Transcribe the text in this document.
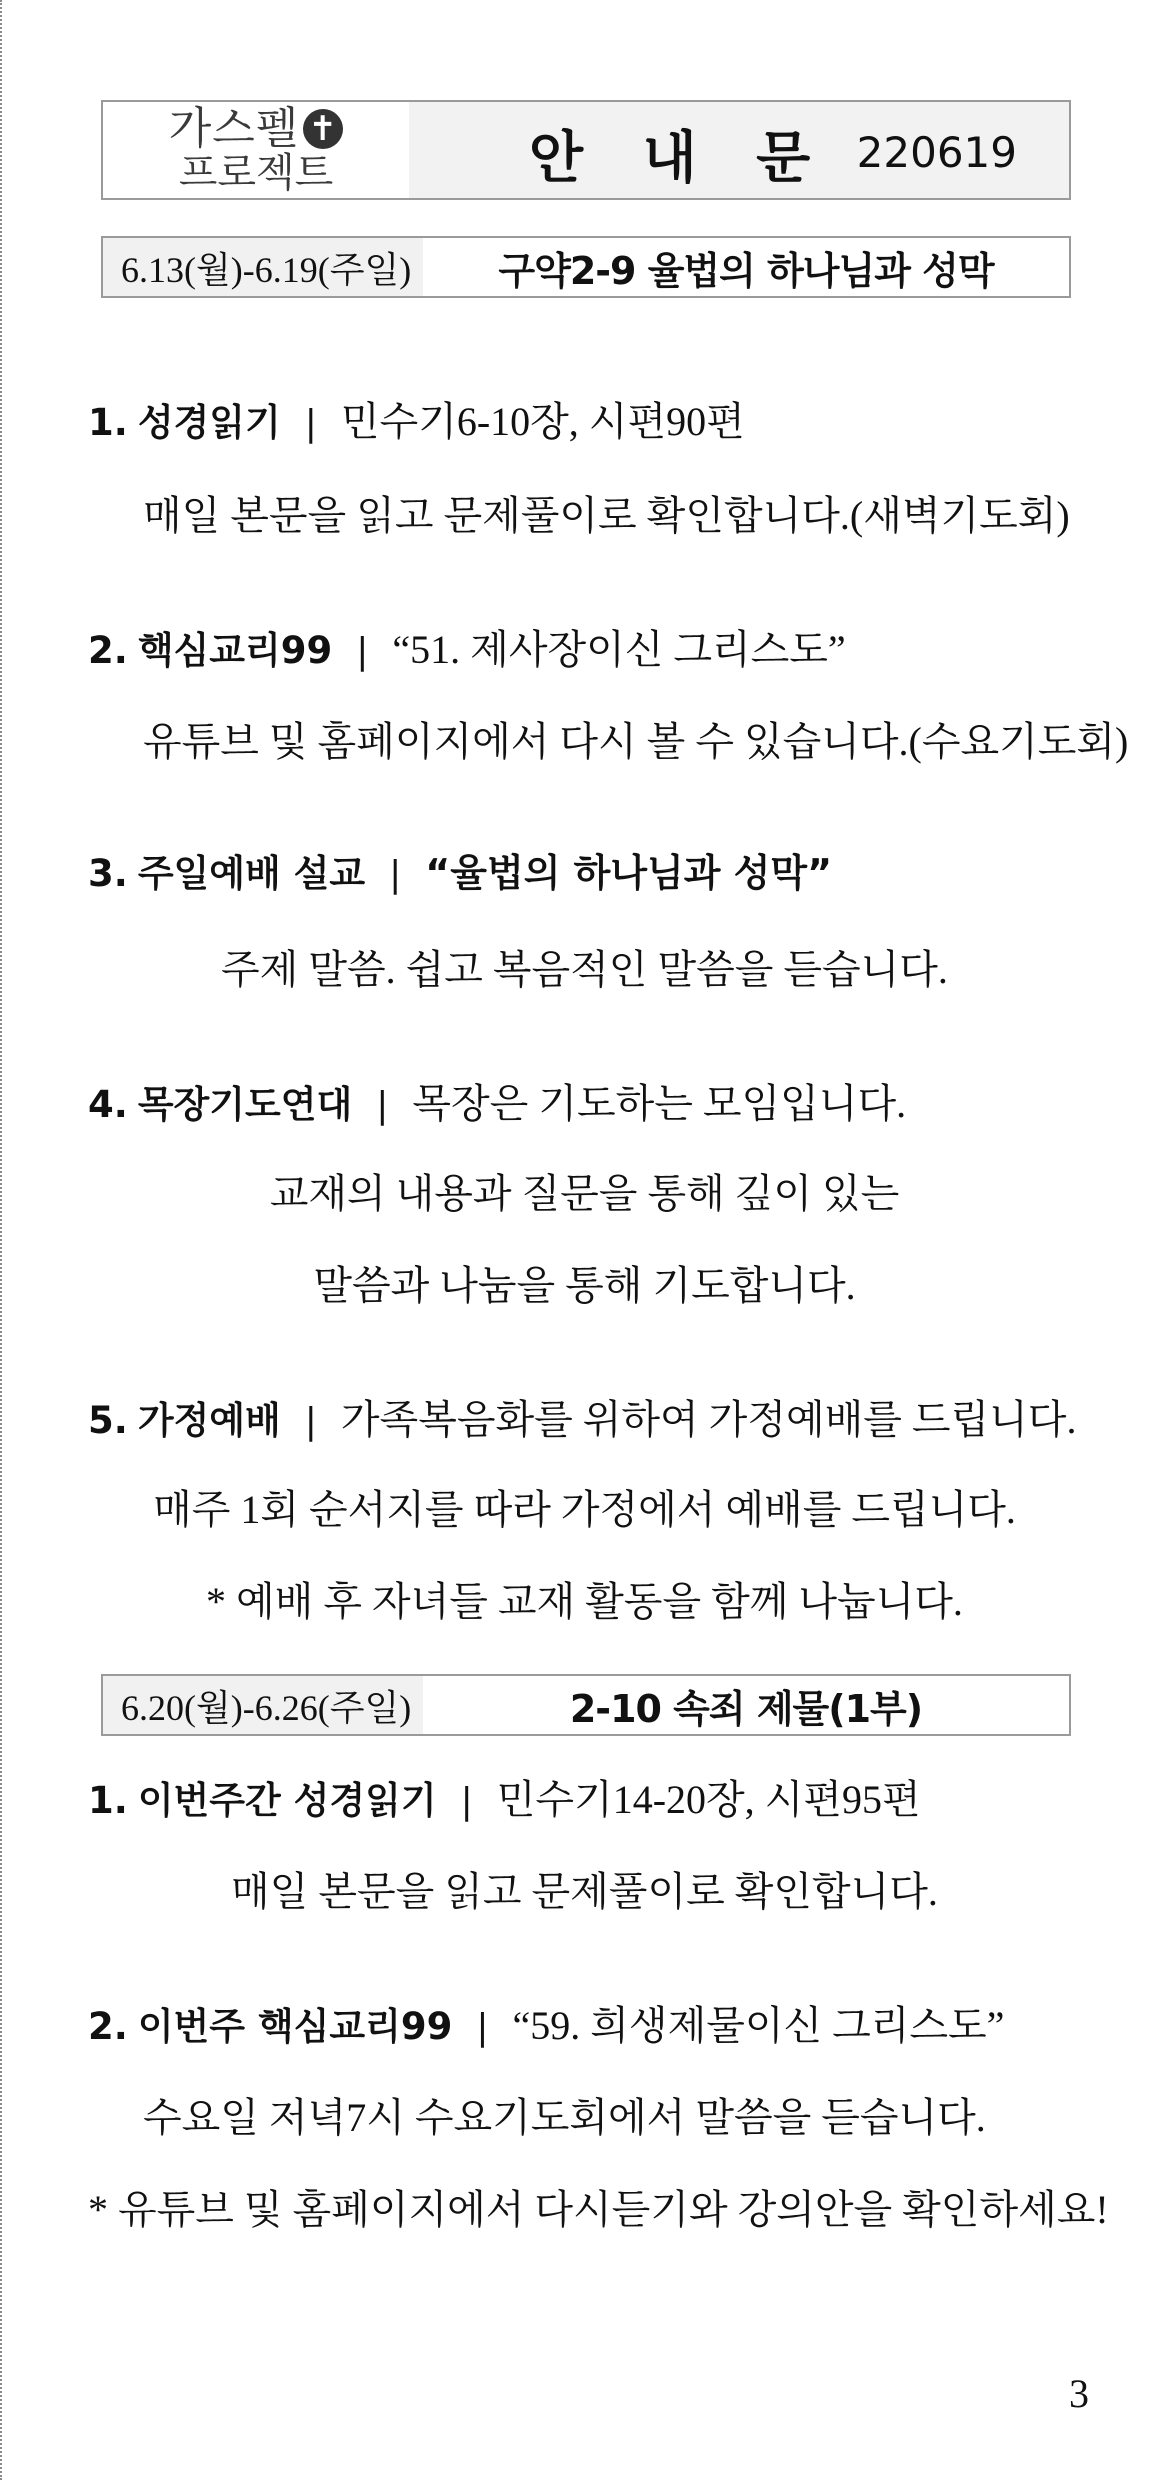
가스펠 ✝
프로젝트	안 내 문 220619
6.13(월)-6.19(주일)	구약2-9 율법의 하나님과 성막
1. 성경읽기 | 민수기6-10장, 시편90편
매일 본문을 읽고 문제풀이로 확인합니다.(새벽기도회)
2. 핵심교리99 | “51. 제사장이신 그리스도”
유튜브 및 홈페이지에서 다시 볼 수 있습니다.(수요기도회)
3. 주일예배 설교 | “율법의 하나님과 성막”
주제 말씀. 쉽고 복음적인 말씀을 듣습니다.
4. 목장기도연대 | 목장은 기도하는 모임입니다.
교재의 내용과 질문을 통해 깊이 있는
말씀과 나눔을 통해 기도합니다.
5. 가정예배 | 가족복음화를 위하여 가정예배를 드립니다.
매주 1회 순서지를 따라 가정에서 예배를 드립니다.
* 예배 후 자녀들 교재 활동을 함께 나눕니다.
6.20(월)-6.26(주일)	2-10 속죄 제물(1부)
1. 이번주간 성경읽기 | 민수기14-20장, 시편95편
매일 본문을 읽고 문제풀이로 확인합니다.
2. 이번주 핵심교리99 | “59. 희생제물이신 그리스도”
수요일 저녁7시 수요기도회에서 말씀을 듣습니다.
* 유튜브 및 홈페이지에서 다시듣기와 강의안을 확인하세요!
3
